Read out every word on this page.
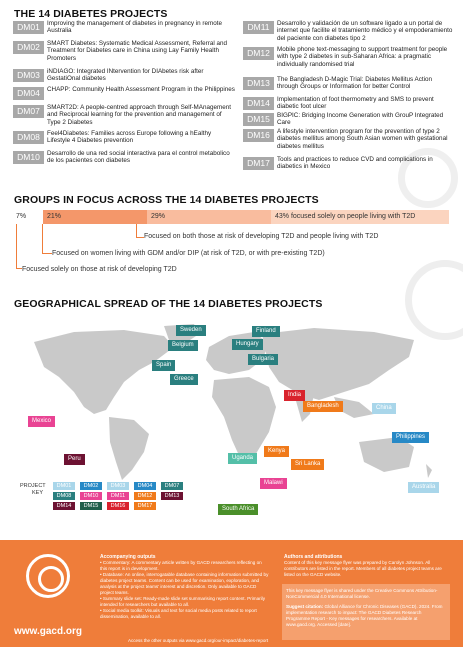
THE 14 DIABETES PROJECTS
DM01	Improving the management of diabetes in pregnancy in remote Australia
DM02	SMART Diabetes: Systematic Medical Assessment, Referral and Treatment for Diabetes care in China using Lay Family Health Promoters
DM03	iNDIAGO: Integrated INtervention for DIAbetes risk after GestatiOnal diabetes
DM04	CHAPP: Community Health Assessment Program in the Philippines
DM07	SMART2D: A people-centred approach through Self-MAnagement and Reciprocal learning for the prevention and management of Type 2 Diabetes
DM08	Feel4Diabetes: Families across Europe following a hEalthy Lifestyle 4 Diabetes prevention
DM10	Desarrollo de una red social interactiva para el control metabolico de los pacientes con diabetes
DM11	Desarrollo y validación de un software ligado a un portal de internet que facilite el tratamiento médico y el empoderamiento del paciente con diabetes tipo 2
DM12	Mobile phone text-messaging to support treatment for people with type 2 diabetes in sub-Saharan Africa: a pragmatic individually randomised trial
DM13	The Bangladesh D-Magic Trial: Diabetes Mellitus Action through Groups or Information for better Control
DM14	Implementation of foot thermometry and SMS to prevent diabetic foot ulcer
DM15	BIGPIC: Bridging Income Generation with GrouP Integrated Care
DM16	A lifestyle intervention program for the prevention of type 2 diabetes mellitus among South Asian women with gestational diabetes mellitus
DM17	Tools and practices to reduce CVD and complications in diabetics in Mexico
GROUPS IN FOCUS ACROSS THE 14 DIABETES PROJECTS
7%	21%	29%	43% focused solely on people living with T2D
Focused on both those at risk of developing T2D and people living with T2D
Focused on women living with GDM and/or DIP (at risk of T2D, or with pre-existing T2D)
Focused solely on those at risk of developing T2D
GEOGRAPHICAL SPREAD OF THE 14 DIABETES PROJECTS
Sweden	Finland
Belgium	Hungary
Bulgaria
Spain
Greece
Mexico
Peru
India
Bangladesh	China
Philippines
Kenya
Uganda
Sri Lanka
Malawi
South Africa
Australia
PROJECT
KEY
DM01	DM02	DM03	DM04	DM07
DM08	DM10	DM11	DM12	DM13
DM14	DM15	DM16	DM17
www.gacd.org
Accompanying outputs
• Commentary: A commentary article written by GACD researchers reflecting on this report is in development.
• Database: An online, interrogatable database containing information submitted by diabetes project teams. Content can be used for examination, exploration, and analysis at the project teams' interest and discretion. Only available to GACD project teams.
• Summary slide set: Ready-made slide set summarising report content. Primarily intended for researchers but available to all.
• Social media toolkit: Visuals and text for social media posts related to report dissemination, available to all.
Access the other outputs via www.gacd.org/our-impact/diabetes-report
Authors and attributions
Content of this key message flyer was prepared by Carolyn Johnson. All contributors are listed in the report. Members of all diabetes project teams are listed on the GACD website.
This key message flyer is shared under the Creative Commons Attribution-NonCommercial 4.0 International license.
Suggest citation: Global Alliance for Chronic Diseases (GACD). 2024. From implementation research to impact: The GACD Diabetes Research Programme Report - Key messages for researchers. Available at www.gacd.org. Accessed [date].
